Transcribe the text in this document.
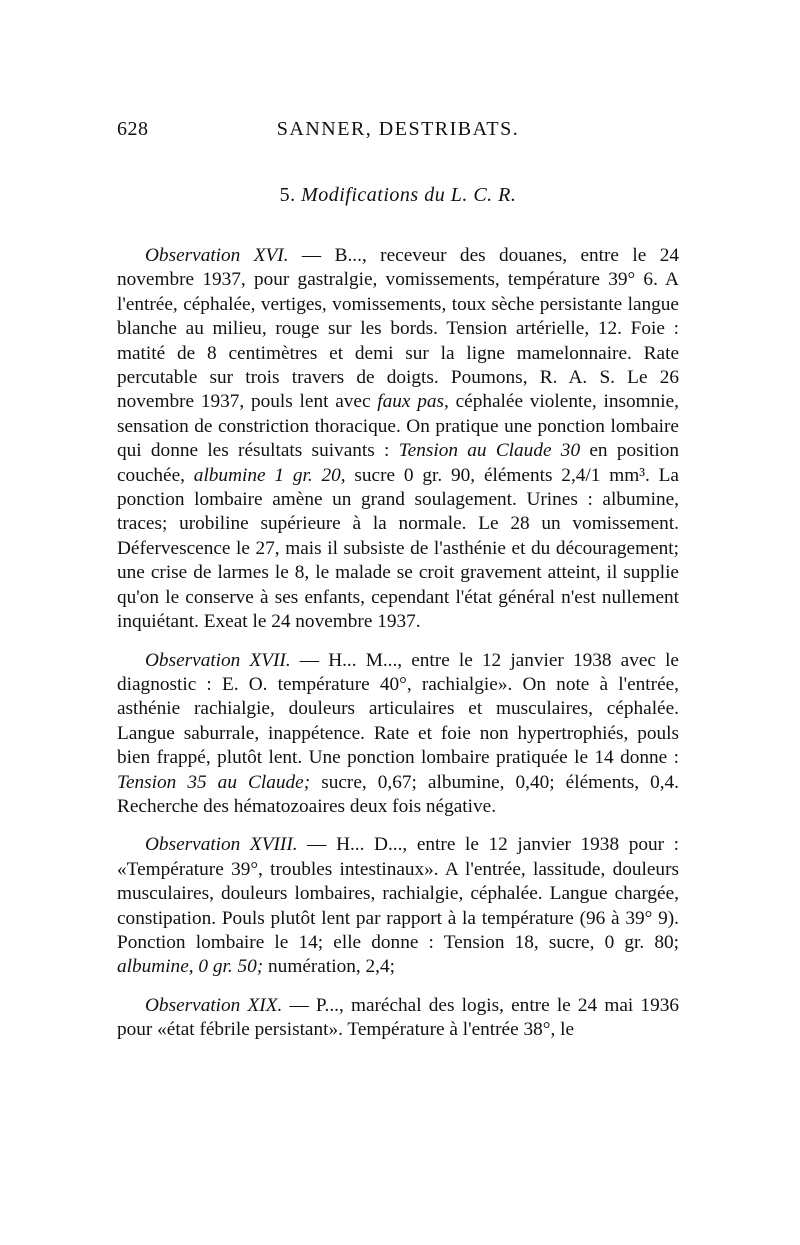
628	SANNER, DESTRIBATS.
5. Modifications du L. C. R.

Observation XVI. — B..., receveur des douanes, entre le 24 novembre 1937, pour gastralgie, vomissements, température 39° 6. A l'entrée, céphalée, vertiges, vomissements, toux sèche persistante langue blanche au milieu, rouge sur les bords. Tension artérielle, 12. Foie : matité de 8 centimètres et demi sur la ligne mamelonnaire. Rate percutable sur trois travers de doigts. Poumons, R. A. S. Le 26 novembre 1937, pouls lent avec faux pas, céphalée violente, insomnie, sensation de constriction thoracique. On pratique une ponction lombaire qui donne les résultats suivants : Tension au Claude 30 en position couchée, albumine 1 gr. 20, sucre 0 gr. 90, éléments 2,4/1 mm³. La ponction lombaire amène un grand soulagement. Urines : albumine, traces; urobiline supérieure à la normale. Le 28 un vomissement. Défervescence le 27, mais il subsiste de l'asthénie et du découragement; une crise de larmes le 8, le malade se croit gravement atteint, il supplie qu'on le conserve à ses enfants, cependant l'état général n'est nullement inquiétant. Exeat le 24 novembre 1937.

Observation XVII. — H... M..., entre le 12 janvier 1938 avec le diagnostic : E. O. température 40°, rachialgie». On note à l'entrée, asthénie rachialgie, douleurs articulaires et musculaires, céphalée. Langue saburrale, inappétence. Rate et foie non hypertrophiés, pouls bien frappé, plutôt lent. Une ponction lombaire pratiquée le 14 donne : Tension 35 au Claude; sucre, 0,67; albumine, 0,40; éléments, 0,4. Recherche des hématozoaires deux fois négative.

Observation XVIII. — H... D..., entre le 12 janvier 1938 pour : «Température 39°, troubles intestinaux». A l'entrée, lassitude, douleurs musculaires, douleurs lombaires, rachialgie, céphalée. Langue chargée, constipation. Pouls plutôt lent par rapport à la température (96 à 39° 9). Ponction lombaire le 14; elle donne : Tension 18, sucre, 0 gr. 80; albumine, 0 gr. 50; numération, 2,4;

Observation XIX. — P..., maréchal des logis, entre le 24 mai 1936 pour «état fébrile persistant». Température à l'entrée 38°, le
